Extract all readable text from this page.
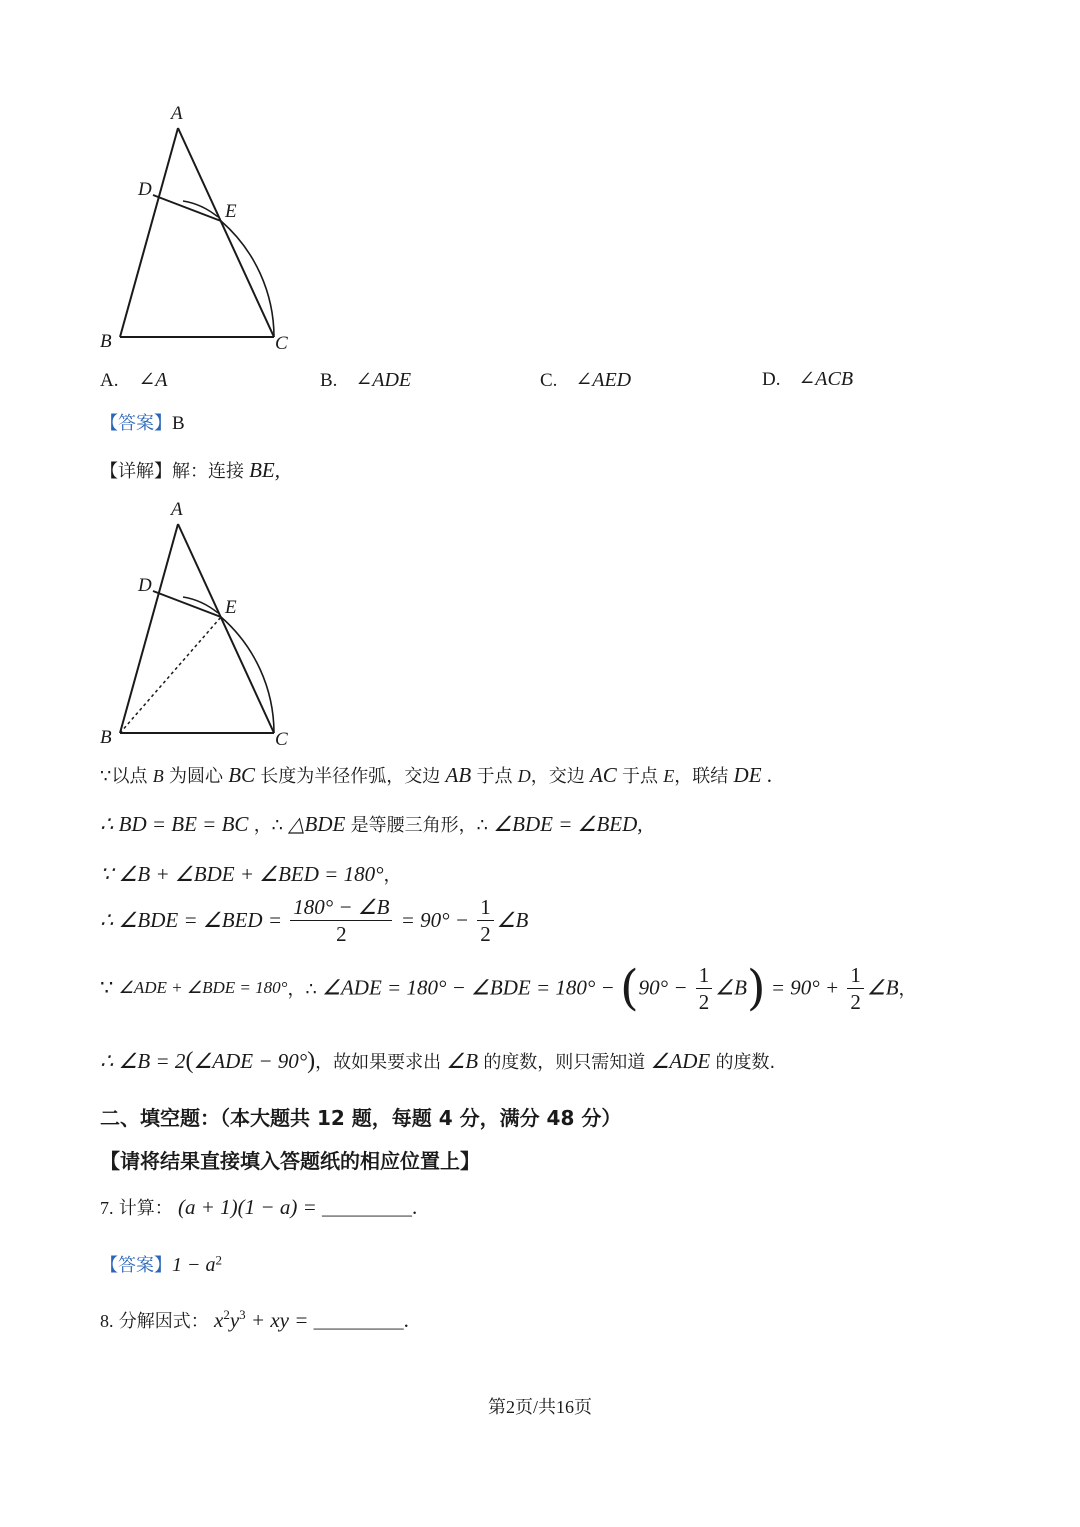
A
D
E
B	C
A. ∠A	B. ∠ADE	C. ∠AED	D. ∠ACB
【答案】B
【详解】解：连接 BE,
A
D
E
B	C
∵以点 B 为圆心 BC 长度为半径作弧，交边 AB 于点 D，交边 AC 于点 E，联结 DE .
∴ BD = BE = BC ，∴ △BDE 是等腰三角形，∴ ∠BDE = ∠BED,
∵ ∠B + ∠BDE + ∠BED = 180°，
∴ ∠BDE = ∠BED = $\frac{180^\circ - \angle B}{2} = 90^\circ - \frac{1}{2}$ ∠B
∵ ∠ADE + ∠BDE = 180°，∴ ∠ADE = 180° − ∠BDE = $180^\circ - (90^\circ - \frac{1}{2}$ ∠B) = $90^\circ + \frac{1}{2}$ ∠B，
∴ ∠B = 2(∠ADE − 90°)，故如果要求出 ∠B 的度数，则只需知道 ∠ADE 的度数.
二、填空题：（本大题共 12 题，每题 4 分，满分 48 分）
【请将结果直接填入答题纸的相应位置上】
7. 计算： (a + 1)(1 − a) = __________.
【答案】$1 - a^2$
8. 分解因式： $x^2y^3$ + xy = __________.
第2页/共16页
